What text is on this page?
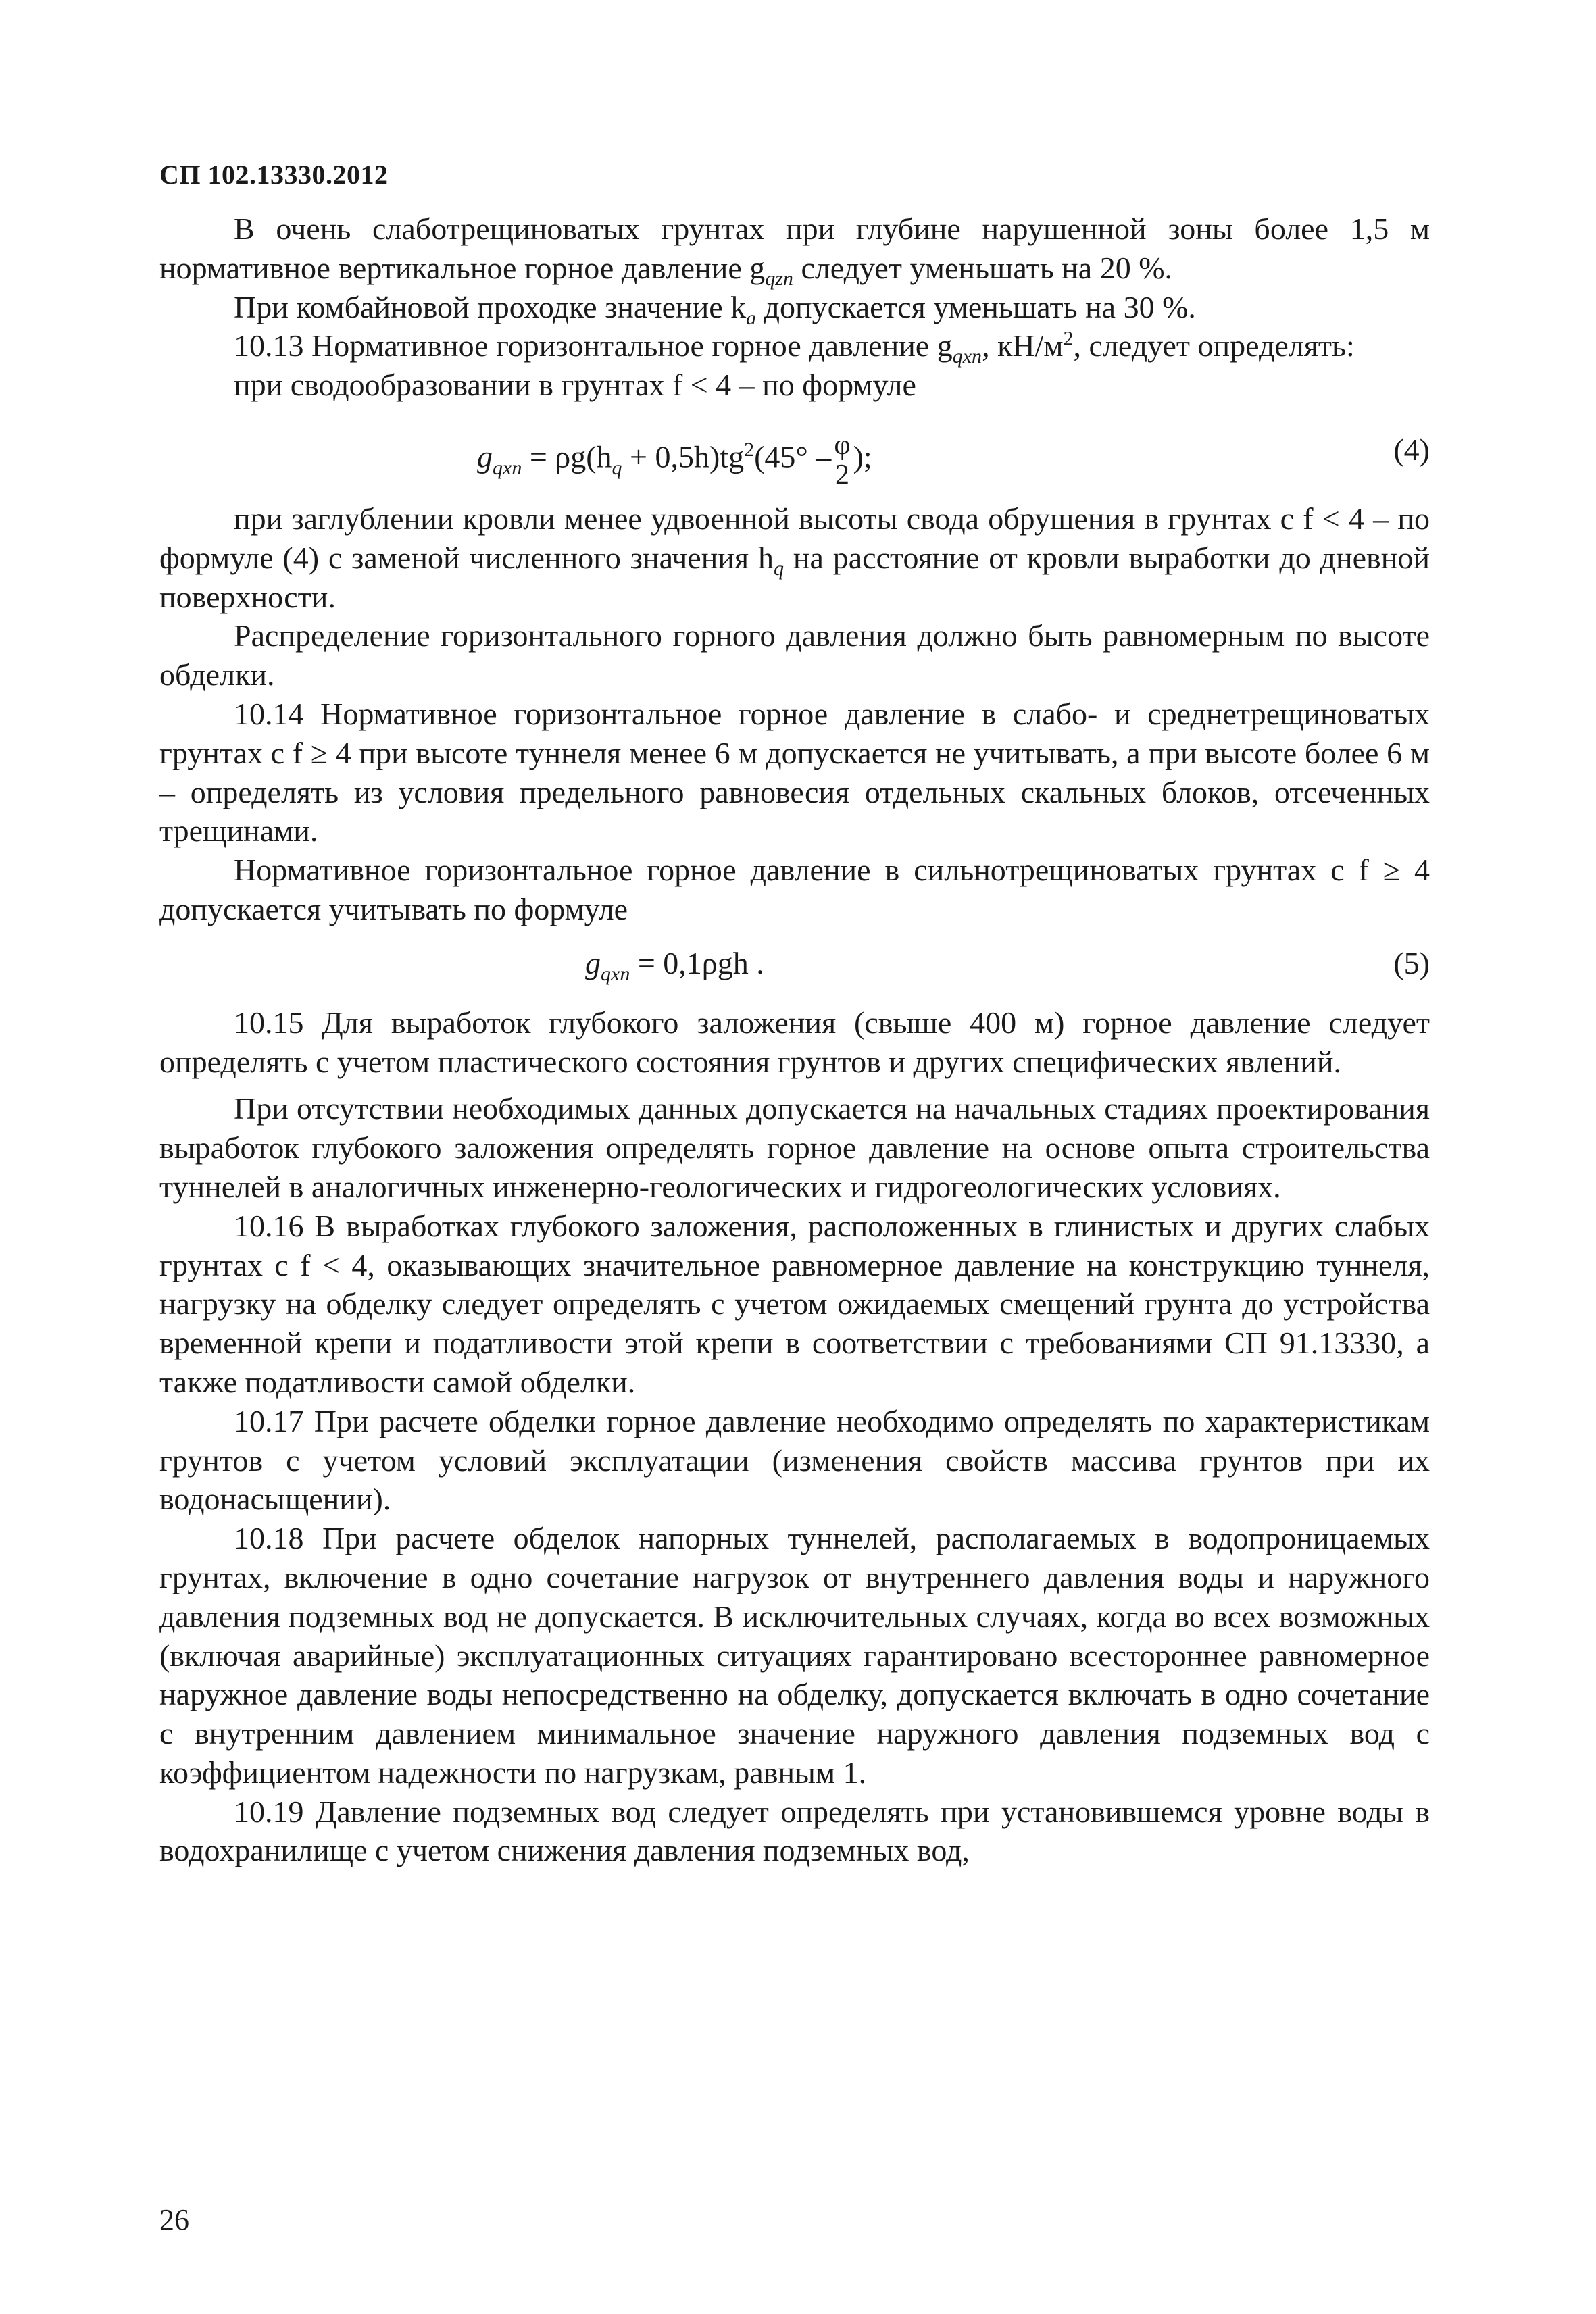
СП 102.13330.2012

В очень слаботрещиноватых грунтах при глубине нарушенной зоны более 1,5 м нормативное вертикальное горное давление $g_{qzn}$ следует уменьшать на 20 %.

При комбайновой проходке значение $k_a$ допускается уменьшать на 30 %.

10.13 Нормативное горизонтальное горное давление $g_{qxn}$, $кН/м^2$, следует определять:

при сводообразовании в грунтах f < 4 – по формуле

$g_{qxn} = \rho g(h_q + 0,5h)tg^2(45^\circ - \varphi$
2
);	(4)

при заглублении кровли менее удвоенной высоты свода обрушения в грунтах с f < 4 – по формуле (4) с заменой численного значения $h_q$ на расстояние от кровли выработки до дневной поверхности.

Распределение горизонтального горного давления должно быть равномерным по высоте обделки.

10.14 Нормативное горизонтальное горное давление в слабо- и среднетрещиноватых грунтах с f ≥ 4 при высоте туннеля менее 6 м допускается не учитывать, а при высоте более 6 м – определять из условия предельного равновесия отдельных скальных блоков, отсеченных трещинами.

Нормативное горизонтальное горное давление в сильнотрещиноватых грунтах с f ≥ 4 допускается учитывать по формуле

$g_{qxn} = 0,1\rho gh$ .	(5)

10.15 Для выработок глубокого заложения (свыше 400 м) горное давление следует определять с учетом пластического состояния грунтов и других специфических явлений.

При отсутствии необходимых данных допускается на начальных стадиях проектирования выработок глубокого заложения определять горное давление на основе опыта строительства туннелей в аналогичных инженерно-геологических и гидрогеологических условиях.

10.16 В выработках глубокого заложения, расположенных в глинистых и других слабых грунтах с f < 4, оказывающих значительное равномерное давление на конструкцию туннеля, нагрузку на обделку следует определять с учетом ожидаемых смещений грунта до устройства временной крепи и податливости этой крепи в соответствии с требованиями СП 91.13330, а также податливости самой обделки.

10.17 При расчете обделки горное давление необходимо определять по характеристикам грунтов с учетом условий эксплуатации (изменения свойств массива грунтов при их водонасыщении).

10.18 При расчете обделок напорных туннелей, располагаемых в водопроницаемых грунтах, включение в одно сочетание нагрузок от внутреннего давления воды и наружного давления подземных вод не допускается. В исключительных случаях, когда во всех возможных (включая аварийные) эксплуатационных ситуациях гарантировано всестороннее равномерное наружное давление воды непосредственно на обделку, допускается включать в одно сочетание с внутренним давлением минимальное значение наружного давления подземных вод с коэффициентом надежности по нагрузкам, равным 1.

10.19 Давление подземных вод следует определять при установившемся уровне воды в водохранилище с учетом снижения давления подземных вод,

26
